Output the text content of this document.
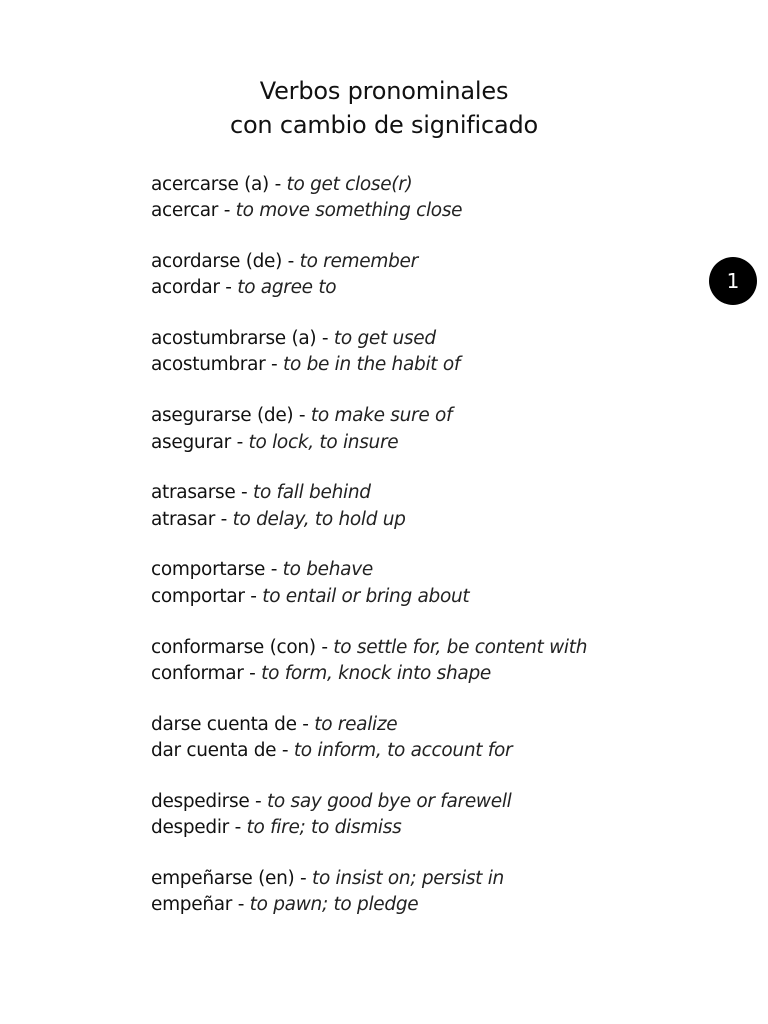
Verbos pronominales
con cambio de significado
1
acercarse (a) - to get close(r)
acercar - to move something close
acordarse (de) - to remember
acordar - to agree to
acostumbrarse (a) - to get used
acostumbrar - to be in the habit of
asegurarse (de) - to make sure of
asegurar - to lock, to insure
atrasarse - to fall behind
atrasar - to delay, to hold up
comportarse - to behave
comportar - to entail or bring about
conformarse (con) - to settle for, be content with
conformar - to form, knock into shape
darse cuenta de - to realize
dar cuenta de - to inform, to account for
despedirse - to say good bye or farewell
despedir - to fire; to dismiss
empeñarse (en) - to insist on; persist in
empeñar - to pawn; to pledge
